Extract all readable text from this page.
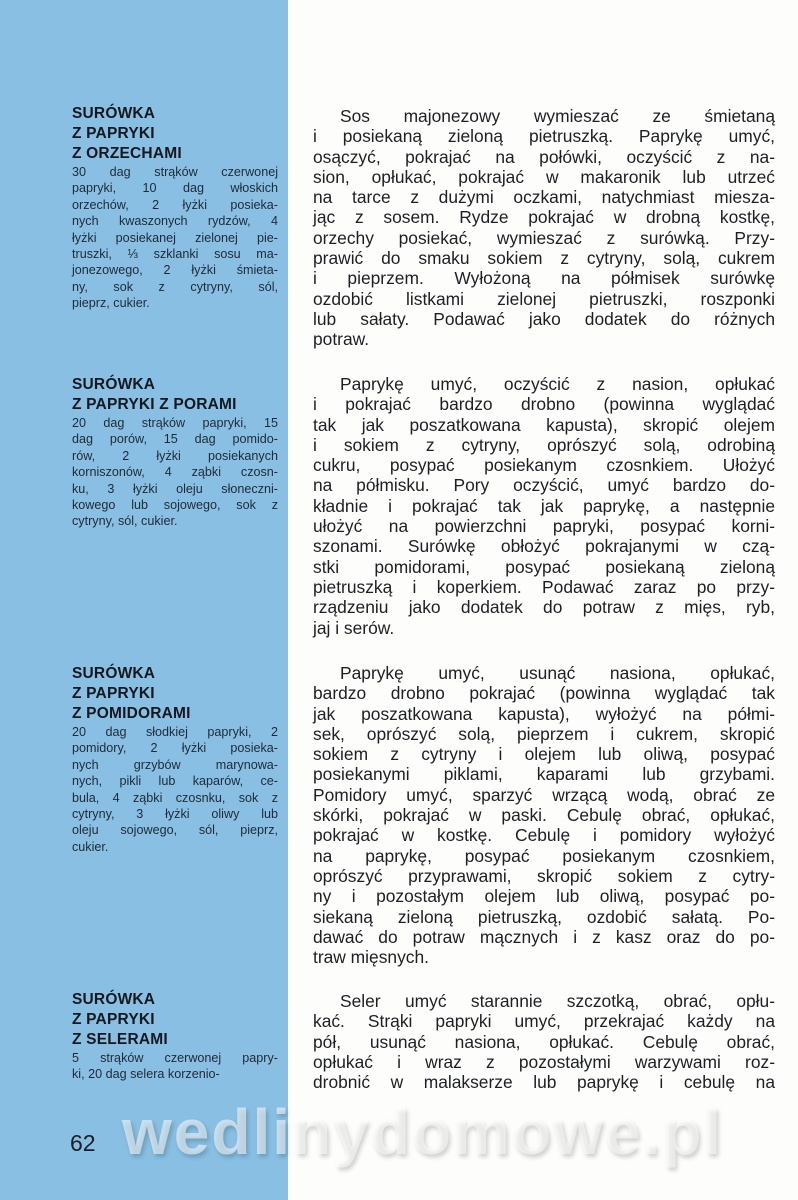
SURÓWKA
Z PAPRYKI
Z ORZECHAMI
30 dag strąków czerwonej
papryki, 10 dag włoskich
orzechów, 2 łyżki posieka-
nych kwaszonych rydzów, 4
łyżki posiekanej zielonej pie-
truszki, ⅓ szklanki sosu ma-
jonezowego, 2 łyżki śmieta-
ny, sok z cytryny, sól,
pieprz, cukier.
SURÓWKA
Z PAPRYKI Z PORAMI
20 dag strąków papryki, 15
dag porów, 15 dag pomido-
rów, 2 łyżki posiekanych
korniszonów, 4 ząbki czosn-
ku, 3 łyżki oleju słoneczni-
kowego lub sojowego, sok z
cytryny, sól, cukier.
SURÓWKA
Z PAPRYKI
Z POMIDORAMI
20 dag słodkiej papryki, 2
pomidory, 2 łyżki posieka-
nych grzybów marynowa-
nych, pikli lub kaparów, ce-
bula, 4 ząbki czosnku, sok z
cytryny, 3 łyżki oliwy lub
oleju sojowego, sól, pieprz,
cukier.
SURÓWKA
Z PAPRYKI
Z SELERAMI
5 strąków czerwonej papry-
ki, 20 dag selera korzenio-
Sos majonezowy wymieszać ze śmietaną
i posiekaną zieloną pietruszką. Paprykę umyć,
osączyć, pokrajać na połówki, oczyścić z na-
sion, opłukać, pokrajać w makaronik lub utrzeć
na tarce z dużymi oczkami, natychmiast miesza-
jąc z sosem. Rydze pokrajać w drobną kostkę,
orzechy posiekać, wymieszać z surówką. Przy-
prawić do smaku sokiem z cytryny, solą, cukrem
i pieprzem. Wyłożoną na półmisek surówkę
ozdobić listkami zielonej pietruszki, roszponki
lub sałaty. Podawać jako dodatek do różnych
potraw.
Paprykę umyć, oczyścić z nasion, opłukać
i pokrajać bardzo drobno (powinna wyglądać
tak jak poszatkowana kapusta), skropić olejem
i sokiem z cytryny, oprószyć solą, odrobiną
cukru, posypać posiekanym czosnkiem. Ułożyć
na półmisku. Pory oczyścić, umyć bardzo do-
kładnie i pokrajać tak jak paprykę, a następnie
ułożyć na powierzchni papryki, posypać korni-
szonami. Surówkę obłożyć pokrajanymi w czą-
stki pomidorami, posypać posiekaną zieloną
pietruszką i koperkiem. Podawać zaraz po przy-
rządzeniu jako dodatek do potraw z mięs, ryb,
jaj i serów.
Paprykę umyć, usunąć nasiona, opłukać,
bardzo drobno pokrajać (powinna wyglądać tak
jak poszatkowana kapusta), wyłożyć na półmi-
sek, oprószyć solą, pieprzem i cukrem, skropić
sokiem z cytryny i olejem lub oliwą, posypać
posiekanymi piklami, kaparami lub grzybami.
Pomidory umyć, sparzyć wrzącą wodą, obrać ze
skórki, pokrajać w paski. Cebulę obrać, opłukać,
pokrajać w kostkę. Cebulę i pomidory wyłożyć
na paprykę, posypać posiekanym czosnkiem,
oprószyć przyprawami, skropić sokiem z cytry-
ny i pozostałym olejem lub oliwą, posypać po-
siekaną zieloną pietruszką, ozdobić sałatą. Po-
dawać do potraw mącznych i z kasz oraz do po-
traw mięsnych.
Seler umyć starannie szczotką, obrać, opłu-
kać. Strąki papryki umyć, przekrajać każdy na
pół, usunąć nasiona, opłukać. Cebulę obrać,
opłukać i wraz z pozostałymi warzywami roz-
drobnić w malakserze lub paprykę i cebulę na
62 wedlinydomowe.pl
